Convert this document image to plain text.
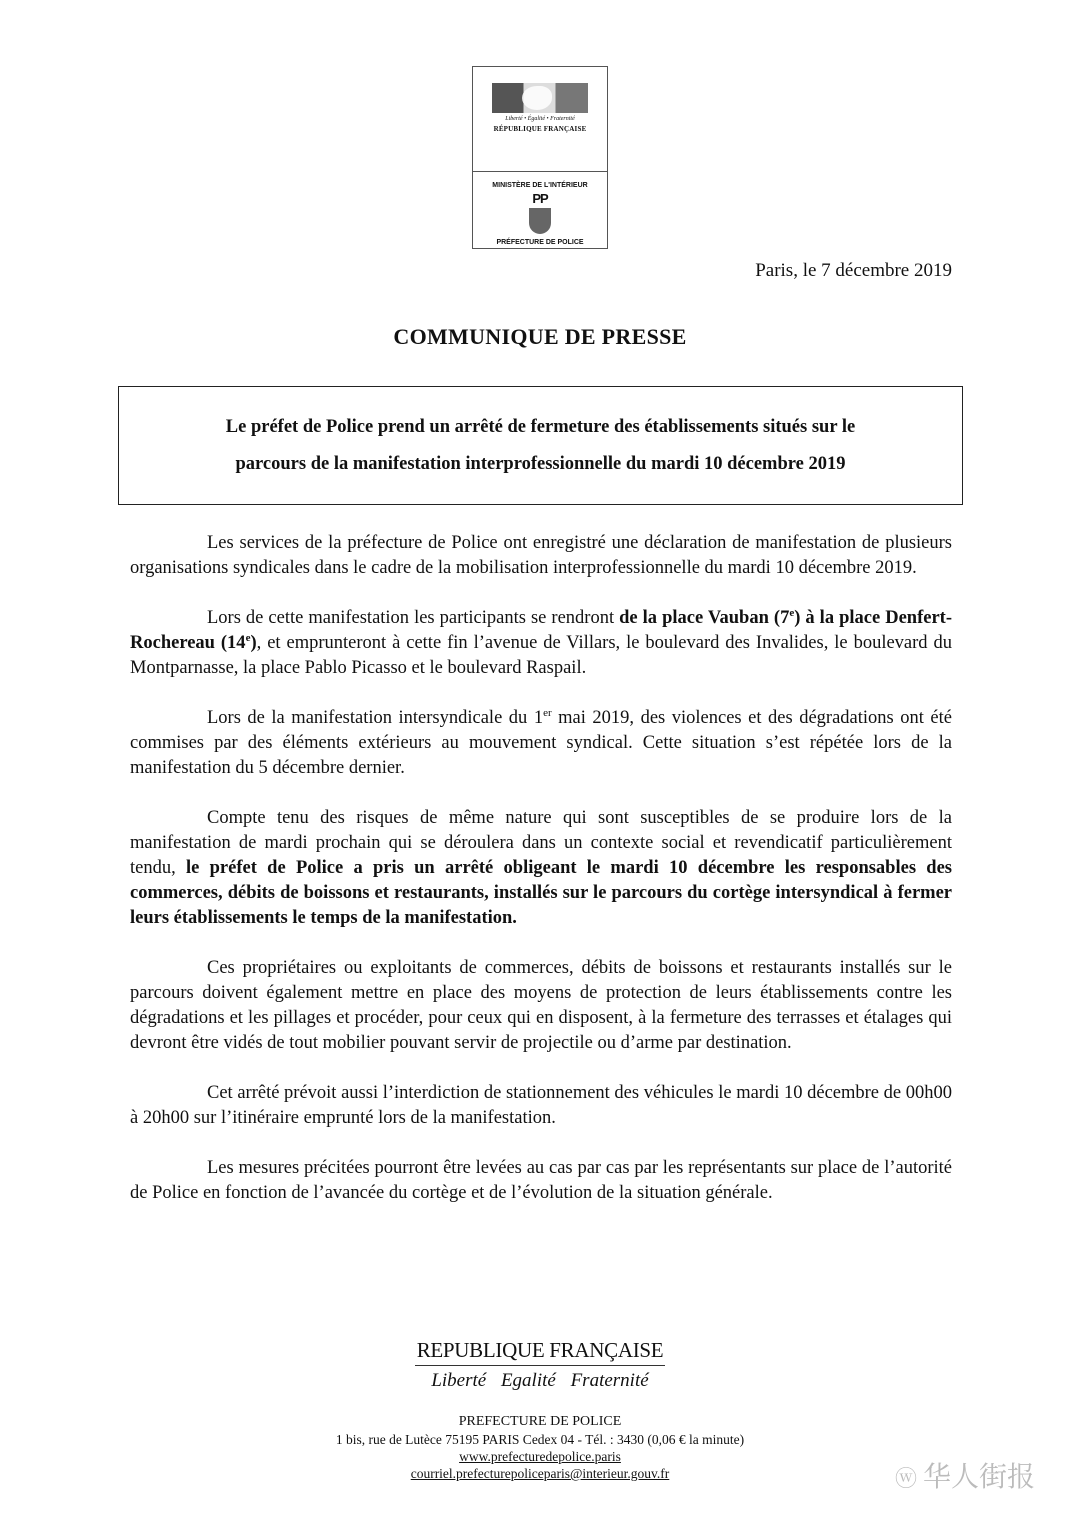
Liberté • Égalité • Fraternité
RÉPUBLIQUE FRANÇAISE
MINISTÈRE DE L'INTÉRIEUR
PP
PRÉFECTURE DE POLICE
Paris, le 7 décembre 2019
COMMUNIQUE DE PRESSE
Le préfet de Police prend un arrêté de fermeture des établissements situés sur le
parcours de la manifestation interprofessionnelle du mardi 10 décembre 2019

Les services de la préfecture de Police ont enregistré une déclaration de manifestation de plusieurs organisations syndicales dans le cadre de la mobilisation interprofessionnelle du mardi 10 décembre 2019.

Lors de cette manifestation les participants se rendront de la place Vauban (7e) à la place Denfert-Rochereau (14e), et emprunteront à cette fin l’avenue de Villars, le boulevard des Invalides, le boulevard du Montparnasse, la place Pablo Picasso et le boulevard Raspail.

Lors de la manifestation intersyndicale du 1er mai 2019, des violences et des dégradations ont été commises par des éléments extérieurs au mouvement syndical. Cette situation s’est répétée lors de la manifestation du 5 décembre dernier.

Compte tenu des risques de même nature qui sont susceptibles de se produire lors de la manifestation de mardi prochain qui se déroulera dans un contexte social et revendicatif particulièrement tendu, le préfet de Police a pris un arrêté obligeant le mardi 10 décembre les responsables des commerces, débits de boissons et restaurants, installés sur le parcours du cortège intersyndical à fermer leurs établissements le temps de la manifestation.

Ces propriétaires ou exploitants de commerces, débits de boissons et restaurants installés sur le parcours doivent également mettre en place des moyens de protection de leurs établissements contre les dégradations et les pillages et procéder, pour ceux qui en disposent, à la fermeture des terrasses et étalages qui devront être vidés de tout mobilier pouvant servir de projectile ou d’arme par destination.

Cet arrêté prévoit aussi l’interdiction de stationnement des véhicules le mardi 10 décembre de 00h00 à 20h00 sur l’itinéraire emprunté lors de la manifestation.

Les mesures précitées pourront être levées au cas par cas par les représentants sur place de l’autorité de Police en fonction de l’avancée du cortège et de l’évolution de la situation générale.

REPUBLIQUE FRANÇAISE
Liberté Egalité Fraternité
PREFECTURE DE POLICE
1 bis, rue de Lutèce 75195 PARIS Cedex 04 - Tél. : 3430 (0,06 € la minute)
www.prefecturedepolice.paris
courriel.prefecturepoliceparis@interieur.gouv.fr	ⓦ 华人街报
